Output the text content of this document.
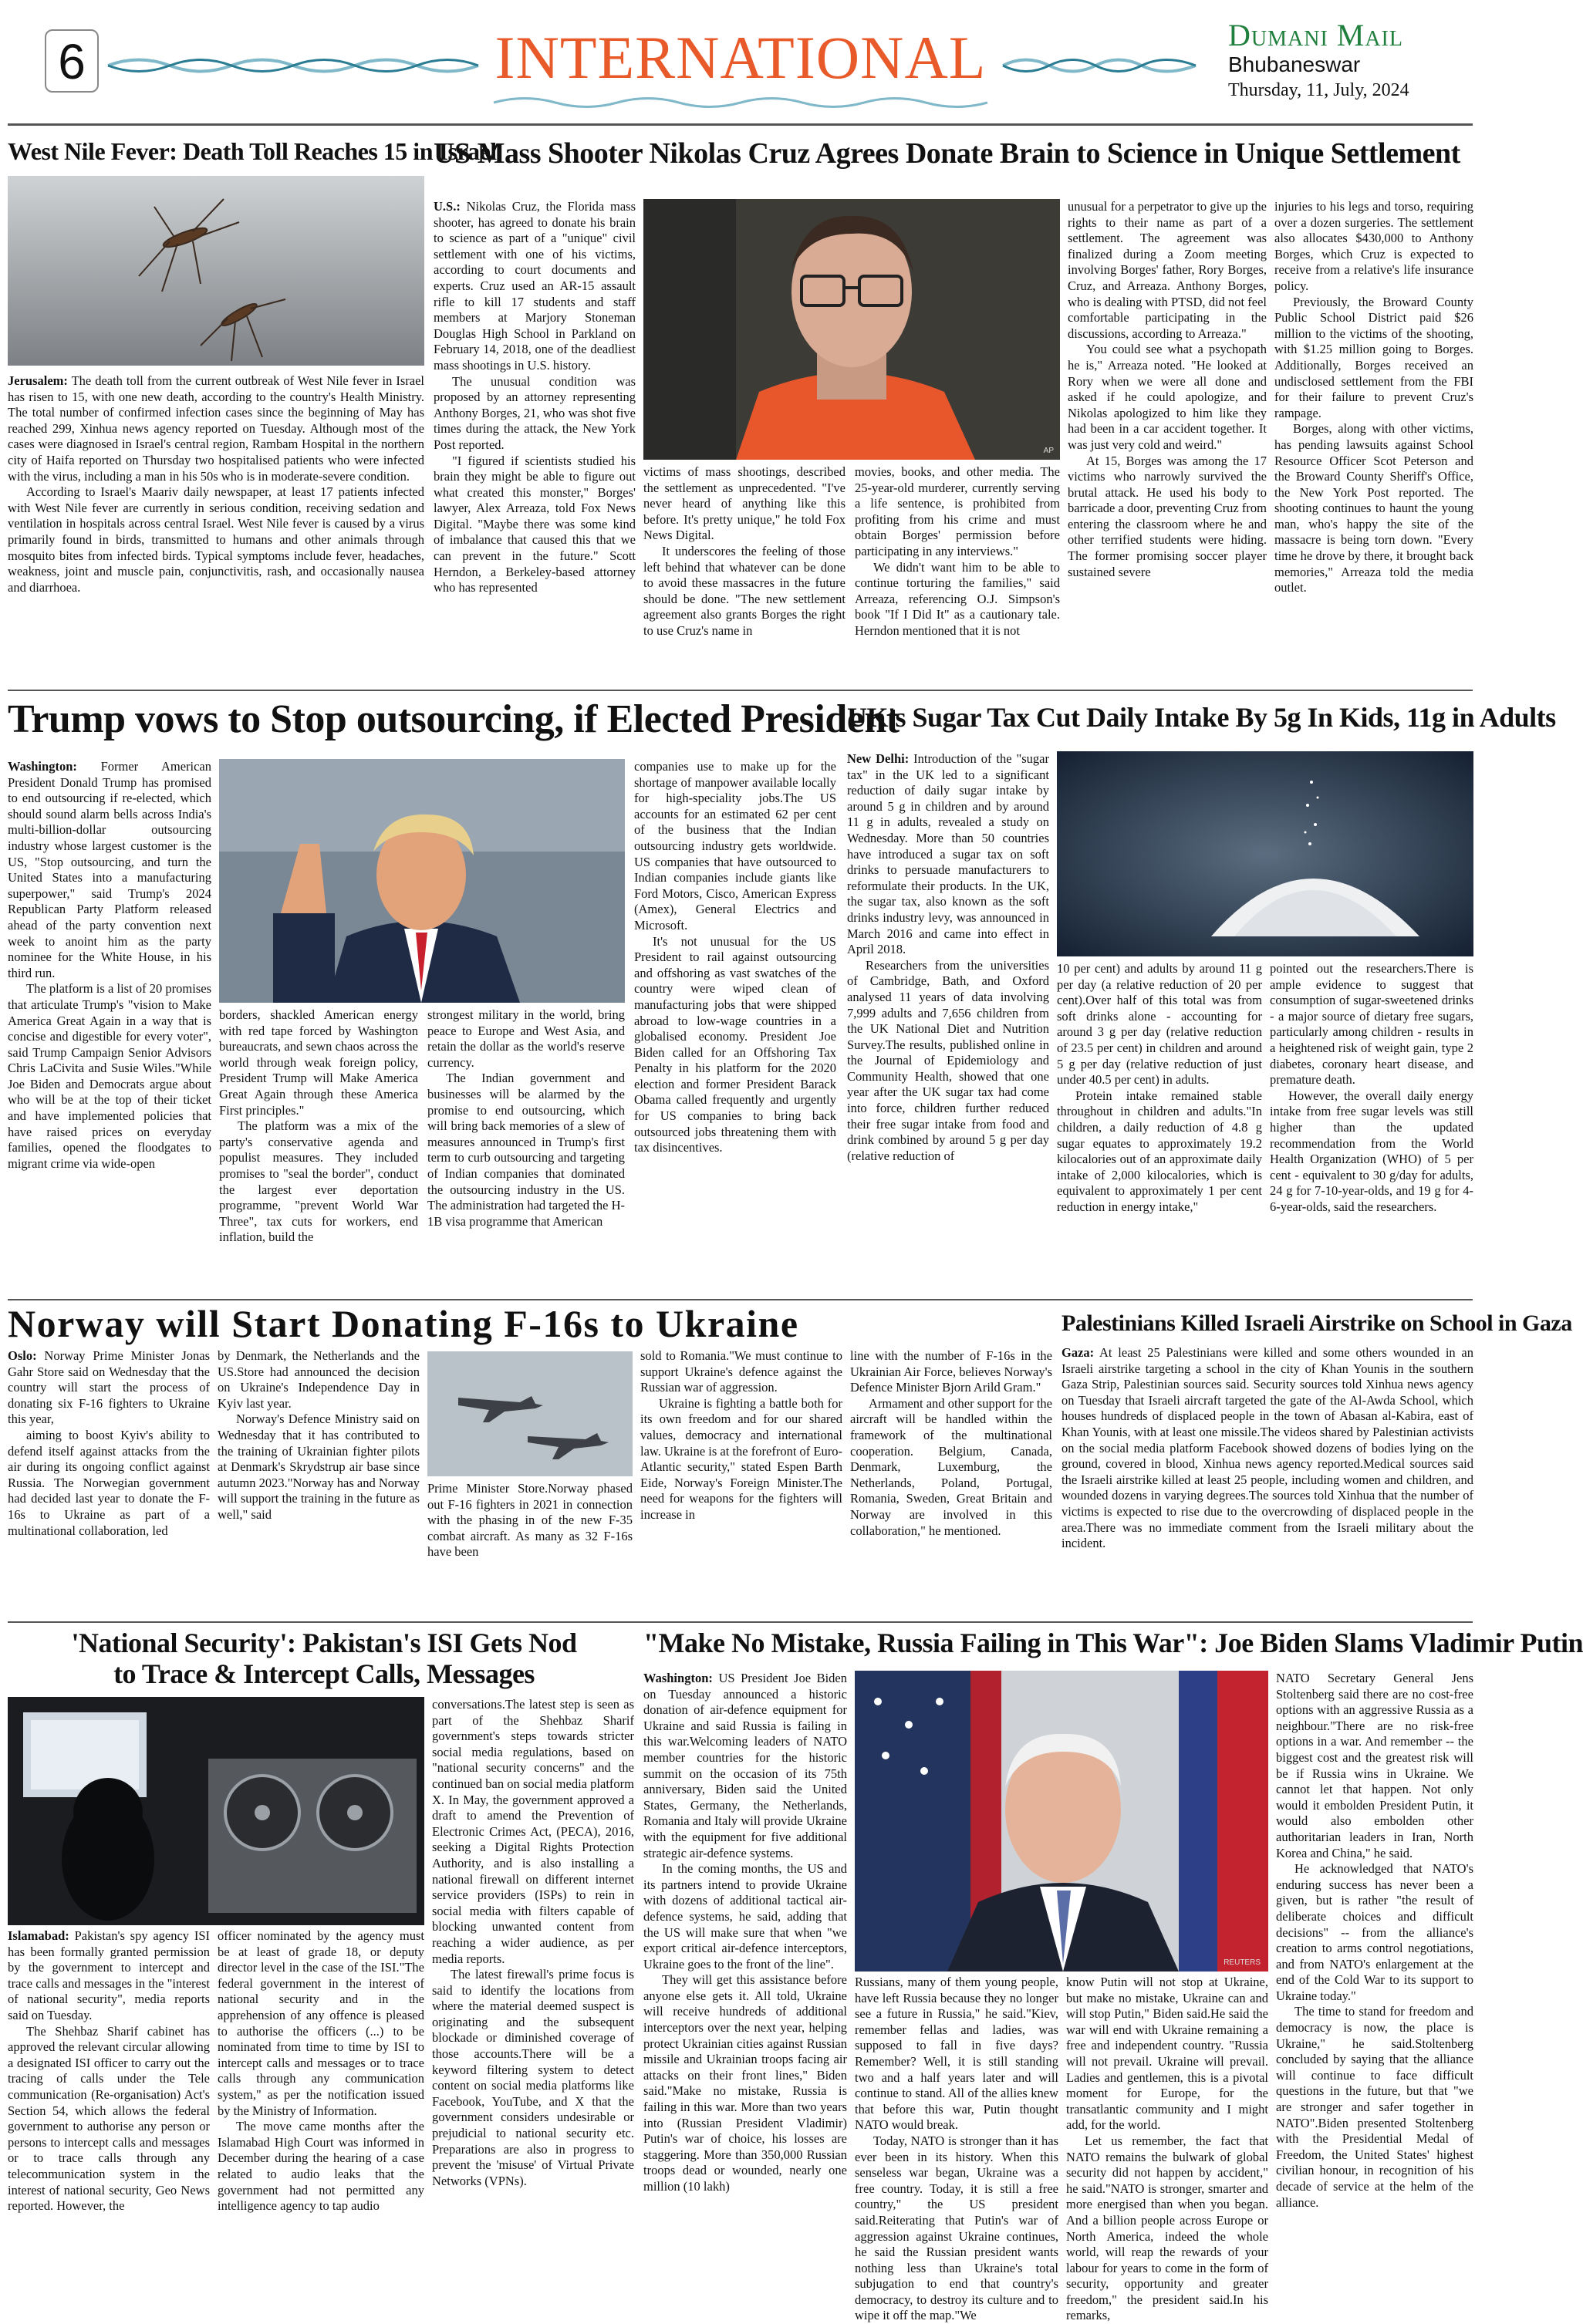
6	INTERNATIONAL	Dumani Mail
Bhubaneswar
Thursday, 11, July, 2024
West Nile Fever: Death Toll Reaches 15 in Israel

Jerusalem: The death toll from the current outbreak of West Nile fever in Israel has risen to 15, with one new death, according to the country's Health Ministry. The total number of confirmed infection cases since the beginning of May has reached 299, Xinhua news agency reported on Tuesday. Although most of the cases were diagnosed in Israel's central region, Rambam Hospital in the northern city of Haifa reported on Thursday two hospitalised patients who were infected with the virus, including a man in his 50s who is in moderate-severe condition.

According to Israel's Maariv daily newspaper, at least 17 patients infected with West Nile fever are currently in serious condition, receiving sedation and ventilation in hospitals across central Israel. West Nile fever is caused by a virus primarily found in birds, transmitted to humans and other animals through mosquito bites from infected birds. Typical symptoms include fever, headaches, weakness, joint and muscle pain, conjunctivitis, rash, and occasionally nausea and diarrhoea.

US Mass Shooter Nikolas Cruz Agrees Donate Brain to Science in Unique Settlement

U.S.: Nikolas Cruz, the Florida mass shooter, has agreed to donate his brain to science as part of a "unique" civil settlement with one of his victims, according to court documents and experts. Cruz used an AR-15 assault rifle to kill 17 students and staff members at Marjory Stoneman Douglas High School in Parkland on February 14, 2018, one of the deadliest mass shootings in U.S. history.

The unusual condition was proposed by an attorney representing Anthony Borges, 21, who was shot five times during the attack, the New York Post reported.

"I figured if scientists studied his brain they might be able to figure out what created this monster," Borges' lawyer, Alex Arreaza, told Fox News Digital. "Maybe there was some kind of imbalance that caused this that we can prevent in the future." Scott Herndon, a Berkeley-based attorney who has represented

AP

victims of mass shootings, described the settlement as unprecedented. "I've never heard of anything like this before. It's pretty unique," he told Fox News Digital.

It underscores the feeling of those left behind that whatever can be done to avoid these massacres in the future should be done. "The new settlement agreement also grants Borges the right to use Cruz's name in

movies, books, and other media. The 25-year-old murderer, currently serving a life sentence, is prohibited from profiting from his crime and must obtain Borges' permission before participating in any interviews."

We didn't want him to be able to continue torturing the families," said Arreaza, referencing O.J. Simpson's book "If I Did It" as a cautionary tale. Herndon mentioned that it is not

unusual for a perpetrator to give up the rights to their name as part of a settlement. The agreement was finalized during a Zoom meeting involving Borges' father, Rory Borges, Cruz, and Arreaza. Anthony Borges, who is dealing with PTSD, did not feel comfortable participating in the discussions, according to Arreaza."

You could see what a psychopath he is," Arreaza noted. "He looked at Rory when we were all done and asked if he could apologize, and Nikolas apologized to him like they had been in a car accident together. It was just very cold and weird."

At 15, Borges was among the 17 victims who narrowly survived the brutal attack. He used his body to barricade a door, preventing Cruz from entering the classroom where he and other terrified students were hiding. The former promising soccer player sustained severe

injuries to his legs and torso, requiring over a dozen surgeries. The settlement also allocates $430,000 to Anthony Borges, which Cruz is expected to receive from a relative's life insurance policy.

Previously, the Broward County Public School District paid $26 million to the victims of the shooting, with $1.25 million going to Borges. Additionally, Borges received an undisclosed settlement from the FBI for their failure to prevent Cruz's rampage.

Borges, along with other victims, has pending lawsuits against School Resource Officer Scot Peterson and the Broward County Sheriff's Office, the New York Post reported. The shooting continues to haunt the young man, who's happy the site of the massacre is being torn down. "Every time he drove by there, it brought back memories," Arreaza told the media outlet.

Trump vows to Stop outsourcing, if Elected President

Washington: Former American President Donald Trump has promised to end outsourcing if re-elected, which should sound alarm bells across India's multi-billion-dollar outsourcing industry whose largest customer is the US, "Stop outsourcing, and turn the United States into a manufacturing superpower," said Trump's 2024 Republican Party Platform released ahead of the party convention next week to anoint him as the party nominee for the White House, in his third run.

The platform is a list of 20 promises that articulate Trump's "vision to Make America Great Again in a way that is concise and digestible for every voter", said Trump Campaign Senior Advisors Chris LaCivita and Susie Wiles."While Joe Biden and Democrats argue about who will be at the top of their ticket and have implemented policies that have raised prices on everyday families, opened the floodgates to migrant crime via wide-open

borders, shackled American energy with red tape forced by Washington bureaucrats, and sewn chaos across the world through weak foreign policy, President Trump will Make America Great Again through these America First principles."

The platform was a mix of the party's conservative agenda and populist measures. They included promises to "seal the border", conduct the largest ever deportation programme, "prevent World War Three", tax cuts for workers, end inflation, build the

strongest military in the world, bring peace to Europe and West Asia, and retain the dollar as the world's reserve currency.

The Indian government and businesses will be alarmed by the promise to end outsourcing, which will bring back memories of a slew of measures announced in Trump's first term to curb outsourcing and targeting of Indian companies that dominated the outsourcing industry in the US. The administration had targeted the H-1B visa programme that American

companies use to make up for the shortage of manpower available locally for high-speciality jobs.The US accounts for an estimated 62 per cent of the business that the Indian outsourcing industry gets worldwide. US companies that have outsourced to Indian companies include giants like Ford Motors, Cisco, American Express (Amex), General Electrics and Microsoft.

It's not unusual for the US President to rail against outsourcing and offshoring as vast swatches of the country were wiped clean of manufacturing jobs that were shipped abroad to low-wage countries in a globalised economy. President Joe Biden called for an Offshoring Tax Penalty in his platform for the 2020 election and former President Barack Obama called frequently and urgently for US companies to bring back outsourced jobs threatening them with tax disincentives.

UK's Sugar Tax Cut Daily Intake By 5g In Kids, 11g in Adults

New Delhi: Introduction of the "sugar tax" in the UK led to a significant reduction of daily sugar intake by around 5 g in children and by around 11 g in adults, revealed a study on Wednesday. More than 50 countries have introduced a sugar tax on soft drinks to persuade manufacturers to reformulate their products. In the UK, the sugar tax, also known as the soft drinks industry levy, was announced in March 2016 and came into effect in April 2018.

Researchers from the universities of Cambridge, Bath, and Oxford analysed 11 years of data involving 7,999 adults and 7,656 children from the UK National Diet and Nutrition Survey.The results, published online in the Journal of Epidemiology and Community Health, showed that one year after the UK sugar tax had come into force, children further reduced their free sugar intake from food and drink combined by around 5 g per day (relative reduction of

10 per cent) and adults by around 11 g per day (a relative reduction of 20 per cent).Over half of this total was from soft drinks alone - accounting for around 3 g per day (relative reduction of 23.5 per cent) in children and around 5 g per day (relative reduction of just under 40.5 per cent) in adults.

Protein intake remained stable throughout in children and adults."In children, a daily reduction of 4.8 g sugar equates to approximately 19.2 kilocalories out of an approximate daily intake of 2,000 kilocalories, which is equivalent to approximately 1 per cent reduction in energy intake,"

pointed out the researchers.There is ample evidence to suggest that consumption of sugar-sweetened drinks - a major source of dietary free sugars, particularly among children - results in a heightened risk of weight gain, type 2 diabetes, coronary heart disease, and premature death.

However, the overall daily energy intake from free sugar levels was still higher than the updated recommendation from the World Health Organization (WHO) of 5 per cent - equivalent to 30 g/day for adults, 24 g for 7-10-year-olds, and 19 g for 4-6-year-olds, said the researchers.

Norway will Start Donating F-16s to Ukraine

Oslo: Norway Prime Minister Jonas Gahr Store said on Wednesday that the country will start the process of donating six F-16 fighters to Ukraine this year,

aiming to boost Kyiv's ability to defend itself against attacks from the air during its ongoing conflict against Russia. The Norwegian government had decided last year to donate the F-16s to Ukraine as part of a multinational collaboration, led

by Denmark, the Netherlands and the US.Store had announced the decision on Ukraine's Independence Day in Kyiv last year.

Norway's Defence Ministry said on Wednesday that it has contributed to the training of Ukrainian fighter pilots at Denmark's Skrydstrup air base since autumn 2023."Norway has and Norway will support the training in the future as well," said

Prime Minister Store.Norway phased out F-16 fighters in 2021 in connection with the phasing in of the new F-35 combat aircraft. As many as 32 F-16s have been

sold to Romania."We must continue to support Ukraine's defence against the Russian war of aggression.

Ukraine is fighting a battle both for its own freedom and for our shared values, democracy and international law. Ukraine is at the forefront of Euro-Atlantic security," stated Espen Barth Eide, Norway's Foreign Minister.The need for weapons for the fighters will increase in

line with the number of F-16s in the Ukrainian Air Force, believes Norway's Defence Minister Bjorn Arild Gram."

Armament and other support for the aircraft will be handled within the framework of the multinational cooperation. Belgium, Canada, Denmark, Luxemburg, the Netherlands, Poland, Portugal, Romania, Sweden, Great Britain and Norway are involved in this collaboration," he mentioned.

Palestinians Killed Israeli Airstrike on School in Gaza

Gaza: At least 25 Palestinians were killed and some others wounded in an Israeli airstrike targeting a school in the city of Khan Younis in the southern Gaza Strip, Palestinian sources said. Security sources told Xinhua news agency on Tuesday that Israeli aircraft targeted the gate of the Al-Awda School, which houses hundreds of displaced people in the town of Abasan al-Kabira, east of Khan Younis, with at least one missile.The videos shared by Palestinian activists on the social media platform Facebook showed dozens of bodies lying on the ground, covered in blood, Xinhua news agency reported.Medical sources said the Israeli airstrike killed at least 25 people, including women and children, and wounded dozens in varying degrees.The sources told Xinhua that the number of victims is expected to rise due to the overcrowding of displaced people in the area.There was no immediate comment from the Israeli military about the incident.

'National Security': Pakistan's ISI Gets Nod
to Trace & Intercept Calls, Messages

Islamabad: Pakistan's spy agency ISI has been formally granted permission by the government to intercept and trace calls and messages in the "interest of national security", media reports said on Tuesday.

The Shehbaz Sharif cabinet has approved the relevant circular allowing a designated ISI officer to carry out the tracing of calls under the Tele communication (Re-organisation) Act's Section 54, which allows the federal government to authorise any person or persons to intercept calls and messages or to trace calls through any telecommunication system in the interest of national security, Geo News reported. However, the

officer nominated by the agency must be at least of grade 18, or deputy director level in the case of the ISI."The federal government in the interest of national security and in the apprehension of any offence is pleased to authorise the officers (...) to be nominated from time to time by ISI to intercept calls and messages or to trace calls through any communication system," as per the notification issued by the Ministry of Information.

The move came months after the Islamabad High Court was informed in December during the hearing of a case related to audio leaks that the government had not permitted any intelligence agency to tap audio

conversations.The latest step is seen as part of the Shehbaz Sharif government's steps towards stricter social media regulations, based on "national security concerns" and the continued ban on social media platform X. In May, the government approved a draft to amend the Prevention of Electronic Crimes Act, (PECA), 2016, seeking a Digital Rights Protection Authority, and is also installing a national firewall on different internet service providers (ISPs) to rein in social media with filters capable of blocking unwanted content from reaching a wider audience, as per media reports.

The latest firewall's prime focus is said to identify the locations from where the material deemed suspect is originating and the subsequent blockade or diminished coverage of those accounts.There will be a keyword filtering system to detect content on social media platforms like Facebook, YouTube, and X that the government considers undesirable or prejudicial to national security etc. Preparations are also in progress to prevent the 'misuse' of Virtual Private Networks (VPNs).

"Make No Mistake, Russia Failing in This War": Joe Biden Slams Vladimir Putin

Washington: US President Joe Biden on Tuesday announced a historic donation of air-defence equipment for Ukraine and said Russia is failing in this war.Welcoming leaders of NATO member countries for the historic summit on the occasion of its 75th anniversary, Biden said the United States, Germany, the Netherlands, Romania and Italy will provide Ukraine with the equipment for five additional strategic air-defence systems.

In the coming months, the US and its partners intend to provide Ukraine with dozens of additional tactical air-defence systems, he said, adding that the US will make sure that when "we export critical air-defence interceptors, Ukraine goes to the front of the line".

They will get this assistance before anyone else gets it. All told, Ukraine will receive hundreds of additional interceptors over the next year, helping protect Ukrainian cities against Russian missile and Ukrainian troops facing air attacks on their front lines," Biden said."Make no mistake, Russia is failing in this war. More than two years into (Russian President Vladimir) Putin's war of choice, his losses are staggering. More than 350,000 Russian troops dead or wounded, nearly one million (10 lakh)

REUTERS

Russians, many of them young people, have left Russia because they no longer see a future in Russia," he said."Kiev, remember fellas and ladies, was supposed to fall in five days? Remember? Well, it is still standing two and a half years later and will continue to stand. All of the allies knew that before this war, Putin thought NATO would break.

Today, NATO is stronger than it has ever been in its history. When this senseless war began, Ukraine was a free country. Today, it is still a free country," the US president said.Reiterating that Putin's war of aggression against Ukraine continues, he said the Russian president wants nothing less than Ukraine's total subjugation to end that country's democracy, to destroy its culture and to wipe it off the map."We

know Putin will not stop at Ukraine, but make no mistake, Ukraine can and will stop Putin," Biden said.He said the war will end with Ukraine remaining a free and independent country. "Russia will not prevail. Ukraine will prevail. Ladies and gentlemen, this is a pivotal moment for Europe, for the transatlantic community and I might add, for the world.

Let us remember, the fact that NATO remains the bulwark of global security did not happen by accident," he said."NATO is stronger, smarter and more energised than when you began. And a billion people across Europe or North America, indeed the whole world, will reap the rewards of your labour for years to come in the form of security, opportunity and greater freedom," the president said.In his remarks,

NATO Secretary General Jens Stoltenberg said there are no cost-free options with an aggressive Russia as a neighbour."There are no risk-free options in a war. And remember -- the biggest cost and the greatest risk will be if Russia wins in Ukraine. We cannot let that happen. Not only would it embolden President Putin, it would also embolden other authoritarian leaders in Iran, North Korea and China," he said.

He acknowledged that NATO's enduring success has never been a given, but is rather "the result of deliberate choices and difficult decisions" -- from the alliance's creation to arms control negotiations, and from NATO's enlargement at the end of the Cold War to its support to Ukraine today."

The time to stand for freedom and democracy is now, the place is Ukraine," he said.Stoltenberg concluded by saying that the alliance will continue to face difficult questions in the future, but that "we are stronger and safer together in NATO".Biden presented Stoltenberg with the Presidential Medal of Freedom, the United States' highest civilian honour, in recognition of his decade of service at the helm of the alliance.
